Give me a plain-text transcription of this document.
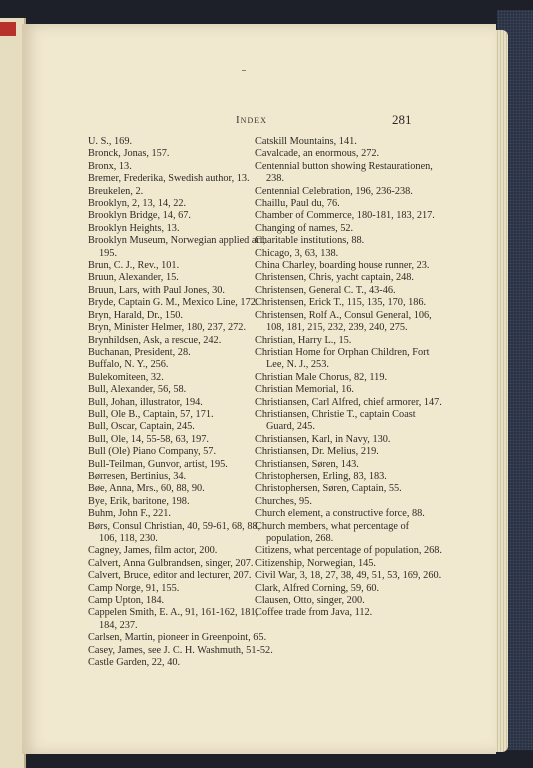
Index	281

U. S., 169.

Bronck, Jonas, 157.

Bronx, 13.

Bremer, Frederika, Swedish author, 13.

Breukelen, 2.

Brooklyn, 2, 13, 14, 22.

Brooklyn Bridge, 14, 67.

Brooklyn Heights, 13.

Brooklyn Museum, Norwegian applied art, 195.

Brun, C. J., Rev., 101.

Bruun, Alexander, 15.

Bruun, Lars, with Paul Jones, 30.

Bryde, Captain G. M., Mexico Line, 172.

Bryn, Harald, Dr., 150.

Bryn, Minister Helmer, 180, 237, 272.

Brynhildsen, Ask, a rescue, 242.

Buchanan, President, 28.

Buffalo, N. Y., 256.

Bulekomiteen, 32.

Bull, Alexander, 56, 58.

Bull, Johan, illustrator, 194.

Bull, Ole B., Captain, 57, 171.

Bull, Oscar, Captain, 245.

Bull, Ole, 14, 55-58, 63, 197.

Bull (Ole) Piano Company, 57.

Bull-Teilman, Gunvor, artist, 195.

Børresen, Bertinius, 34.

Bøe, Anna, Mrs., 60, 88, 90.

Bye, Erik, baritone, 198.

Buhm, John F., 221.

Børs, Consul Christian, 40, 59-61, 68, 88, 106, 118, 230.

Cagney, James, film actor, 200.

Calvert, Anna Gulbrandsen, singer, 207.

Calvert, Bruce, editor and lecturer, 207.

Camp Norge, 91, 155.

Camp Upton, 184.

Cappelen Smith, E. A., 91, 161-162, 181, 184, 237.

Carlsen, Martin, pioneer in Greenpoint, 65.

Casey, James, see J. C. H. Washmuth, 51-52.

Castle Garden, 22, 40.

Catskill Mountains, 141.

Cavalcade, an enormous, 272.

Centennial button showing Restaurationen, 238.

Centennial Celebration, 196, 236-238.

Chaillu, Paul du, 76.

Chamber of Commerce, 180-181, 183, 217.

Changing of names, 52.

Charitable institutions, 88.

Chicago, 3, 63, 138.

China Charley, boarding house runner, 23.

Christensen, Chris, yacht captain, 248.

Christensen, General C. T., 43-46.

Christensen, Erick T., 115, 135, 170, 186.

Christensen, Rolf A., Consul General, 106, 108, 181, 215, 232, 239, 240, 275.

Christian, Harry L., 15.

Christian Home for Orphan Children, Fort Lee, N. J., 253.

Christian Male Chorus, 82, 119.

Christian Memorial, 16.

Christiansen, Carl Alfred, chief armorer, 147.

Christiansen, Christie T., captain Coast Guard, 245.

Christiansen, Karl, in Navy, 130.

Christiansen, Dr. Melius, 219.

Christiansen, Søren, 143.

Christophersen, Erling, 83, 183.

Christophersen, Søren, Captain, 55.

Churches, 95.

Church element, a constructive force, 88.

Church members, what percentage of population, 268.

Citizens, what percentage of population, 268.

Citizenship, Norwegian, 145.

Civil War, 3, 18, 27, 38, 49, 51, 53, 169, 260.

Clark, Alfred Corning, 59, 60.

Clausen, Otto, singer, 200.

Coffee trade from Java, 112.
